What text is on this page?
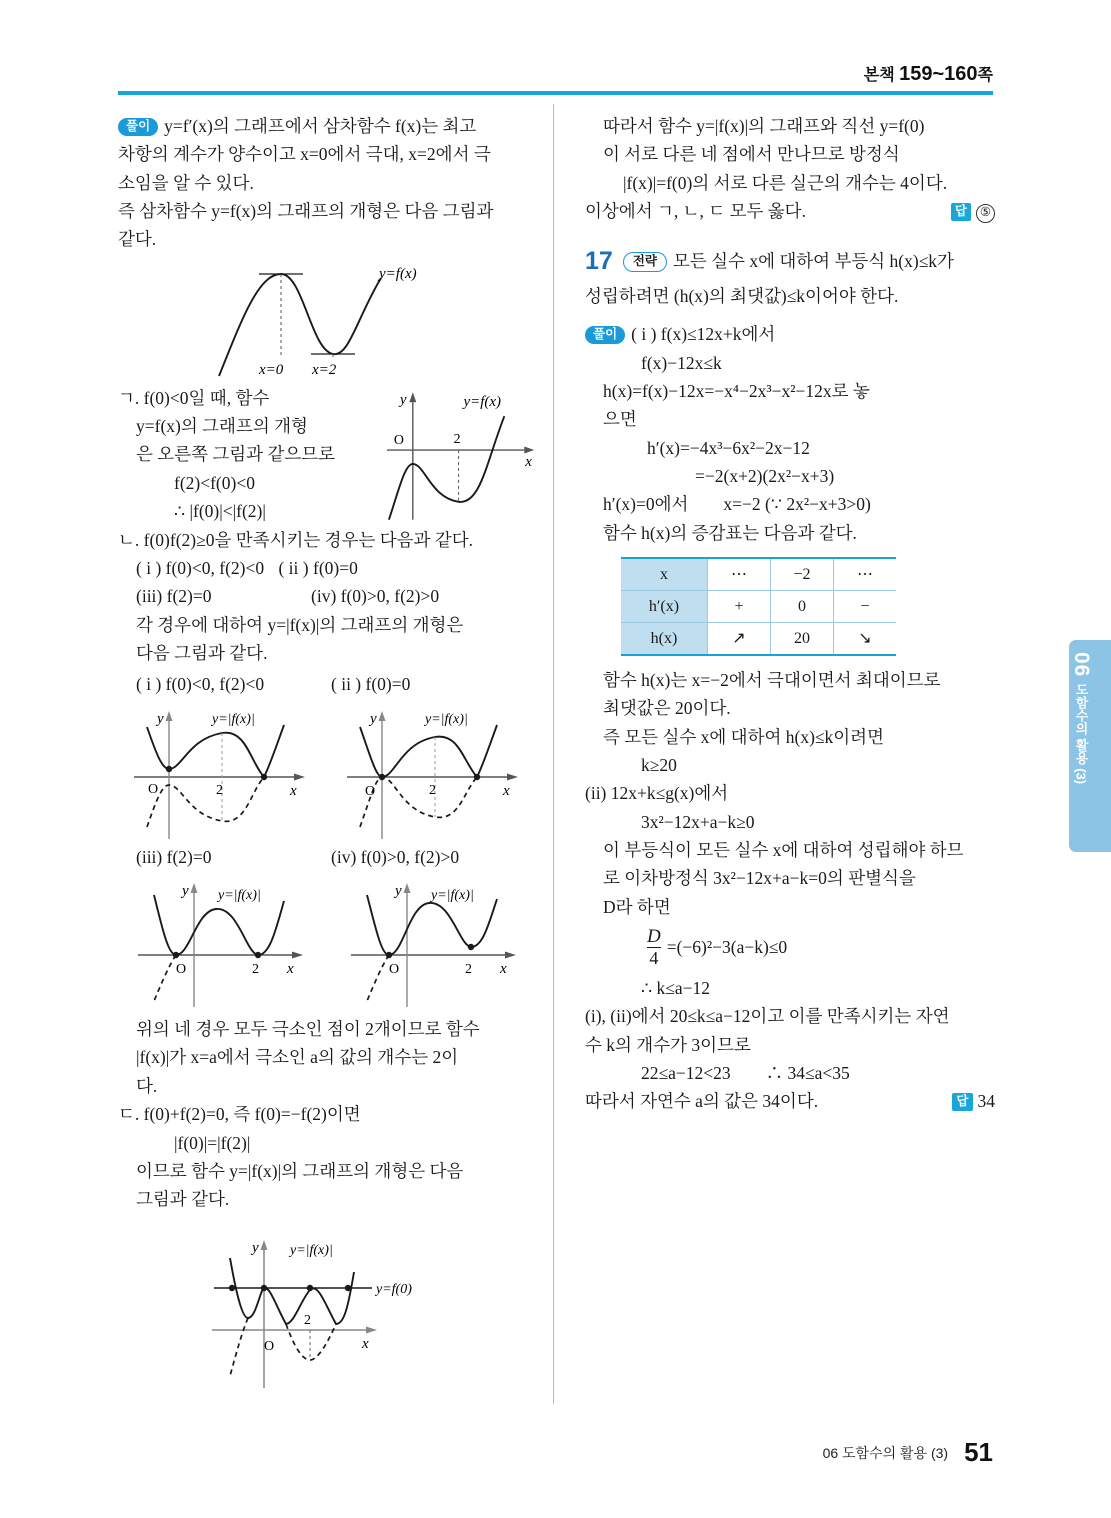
본책 159~160쪽

풀이 y=f′(x)의 그래프에서 삼차함수 f(x)는 최고

차항의 계수가 양수이고 x=0에서 극대, x=2에서 극

소임을 알 수 있다.

즉 삼차함수 y=f(x)의 그래프의 개형은 다음 그림과

같다.

y=f(x)
x=0 x=2

ㄱ. f(0)<0일 때, 함수

y=f(x)의 그래프의 개형

은 오른쪽 그림과 같으므로

f(2)<f(0)<0

∴ |f(0)|<|f(2)|

O	2
x
y	y=f(x)

ㄴ. f(0)f(2)≥0을 만족시키는 경우는 다음과 같다.

( i ) f(0)<0, f(2)<0 ( ii ) f(0)=0

(iii) f(2)=0	(iv) f(0)>0, f(2)>0

각 경우에 대하여 y=|f(x)|의 그래프의 개형은

다음 그림과 같다.

( i ) f(0)<0, f(2)<0	( ii ) f(0)=0

O	2	x
y	y=|f(x)|
O	2	x
y	y=|f(x)|

(iii) f(2)=0	(iv) f(0)>0, f(2)>0

O	2 x
y y=|f(x)|
O	2 x
y y=|f(x)|

위의 네 경우 모두 극소인 점이 2개이므로 함수

|f(x)|가 x=a에서 극소인 a의 값의 개수는 2이

다.

ㄷ. f(0)+f(2)=0, 즉 f(0)=−f(2)이면

|f(0)|=|f(2)|

이므로 함수 y=|f(x)|의 그래프의 개형은 다음

그림과 같다.

O
2
x
y y=|f(x)|
y=f(0)

따라서 함수 y=|f(x)|의 그래프와 직선 y=f(0)

이 서로 다른 네 점에서 만나므로 방정식

|f(x)|=f(0)의 서로 다른 실근의 개수는 4이다.

이상에서 ㄱ, ㄴ, ㄷ 모두 옳다.	답 ⑤

17 전략 모든 실수 x에 대하여 부등식 h(x)≤k가

성립하려면 (h(x)의 최댓값)≤k이어야 한다.

풀이 ( i ) f(x)≤12x+k에서

f(x)−12x≤k

h(x)=f(x)−12x=−x⁴−2x³−x²−12x로 놓

으면

h′(x)=−4x³−6x²−2x−12

=−2(x+2)(2x²−x+3)

h′(x)=0에서　　x=−2 (∵ 2x²−x+3>0)

함수 h(x)의 증감표는 다음과 같다.

x	⋯	−2	⋯
h′(x)	+	0	−
h(x)	↗	20	↘

함수 h(x)는 x=−2에서 극대이면서 최대이므로

최댓값은 20이다.

즉 모든 실수 x에 대하여 h(x)≤k이려면

k≥20

(ii) 12x+k≤g(x)에서

3x²−12x+a−k≥0

이 부등식이 모든 실수 x에 대하여 성립해야 하므

로 이차방정식 3x²−12x+a−k=0의 판별식을

D라 하면

$\frac{D}{4} =(-6)^2-3(a-k)\le 0$

∴ k≤a−12

(i), (ii)에서 20≤k≤a−12이고 이를 만족시키는 자연

수 k의 개수가 3이므로

22≤a−12<23　　∴ 34≤a<35

따라서 자연수 a의 값은 34이다.	답 34

06
도함수의 활용 (3)
06 도함수의 활용 (3) 51
